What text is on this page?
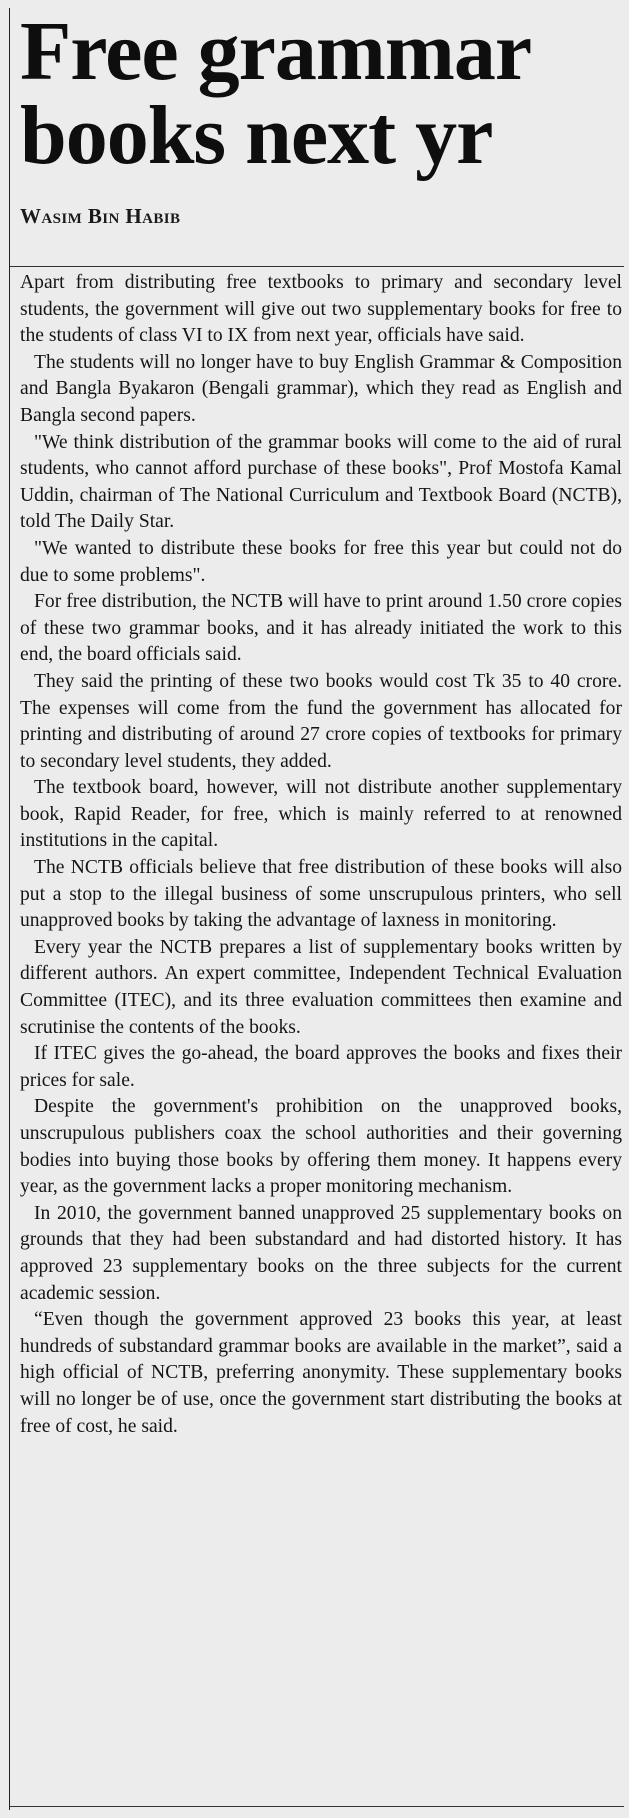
Free grammar
books next yr
Wasim Bin Habib

Apart from distributing free textbooks to primary and secondary level students, the government will give out two supplementary books for free to the students of class VI to IX from next year, officials have said.

The students will no longer have to buy English Grammar & Composition and Bangla Byakaron (Bengali grammar), which they read as English and Bangla second papers.

"We think distribution of the grammar books will come to the aid of rural students, who cannot afford purchase of these books", Prof Mostofa Kamal Uddin, chairman of The National Curriculum and Textbook Board (NCTB), told The Daily Star.

"We wanted to distribute these books for free this year but could not do due to some problems".

For free distribution, the NCTB will have to print around 1.50 crore copies of these two grammar books, and it has already initiated the work to this end, the board officials said.

They said the printing of these two books would cost Tk 35 to 40 crore. The expenses will come from the fund the government has allocated for printing and distributing of around 27 crore copies of textbooks for primary to secondary level students, they added.

The textbook board, however, will not distribute another supplementary book, Rapid Reader, for free, which is mainly referred to at renowned institutions in the capital.

The NCTB officials believe that free distribution of these books will also put a stop to the illegal business of some unscrupulous printers, who sell unapproved books by taking the advantage of laxness in monitoring.

Every year the NCTB prepares a list of supplementary books written by different authors. An expert committee, Independent Technical Evaluation Committee (ITEC), and its three evaluation committees then examine and scrutinise the contents of the books.

If ITEC gives the go-ahead, the board approves the books and fixes their prices for sale.

Despite the government's prohibition on the unapproved books, unscrupulous publishers coax the school authorities and their governing bodies into buying those books by offering them money. It happens every year, as the government lacks a proper monitoring mechanism.

In 2010, the government banned unapproved 25 supplementary books on grounds that they had been substandard and had distorted history. It has approved 23 supplementary books on the three subjects for the current academic session.

“Even though the government approved 23 books this year, at least hundreds of substandard grammar books are available in the market”, said a high official of NCTB, preferring anonymity. These supplementary books will no longer be of use, once the government start distributing the books at free of cost, he said.
